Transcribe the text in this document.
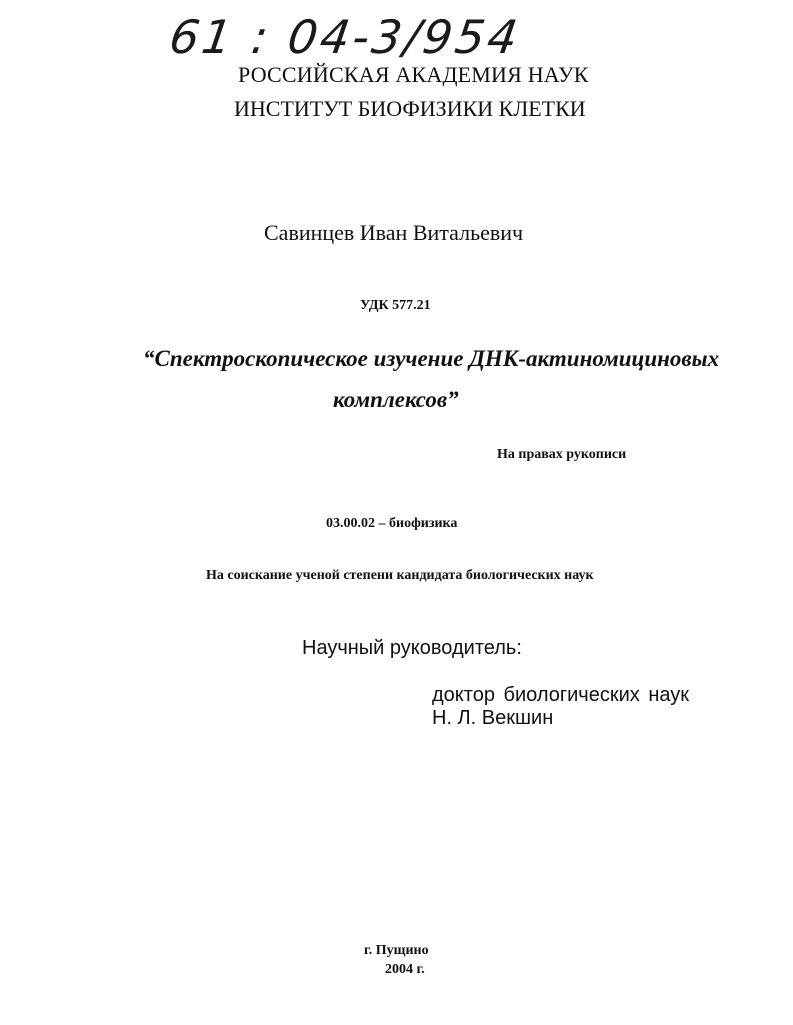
61 : 04-3/954
РОССИЙСКАЯ АКАДЕМИЯ НАУК
ИНСТИТУТ БИОФИЗИКИ КЛЕТКИ
Савинцев Иван Витальевич
УДК 577.21
“Спектроскопическое изучение ДНК-актиномициновых
комплексов”
На правах рукописи
03.00.02 – биофизика
На соискание ученой степени кандидата биологических наук
Научный руководитель:
доктор биологических наук
Н. Л. Векшин
г. Пущино
2004 г.
